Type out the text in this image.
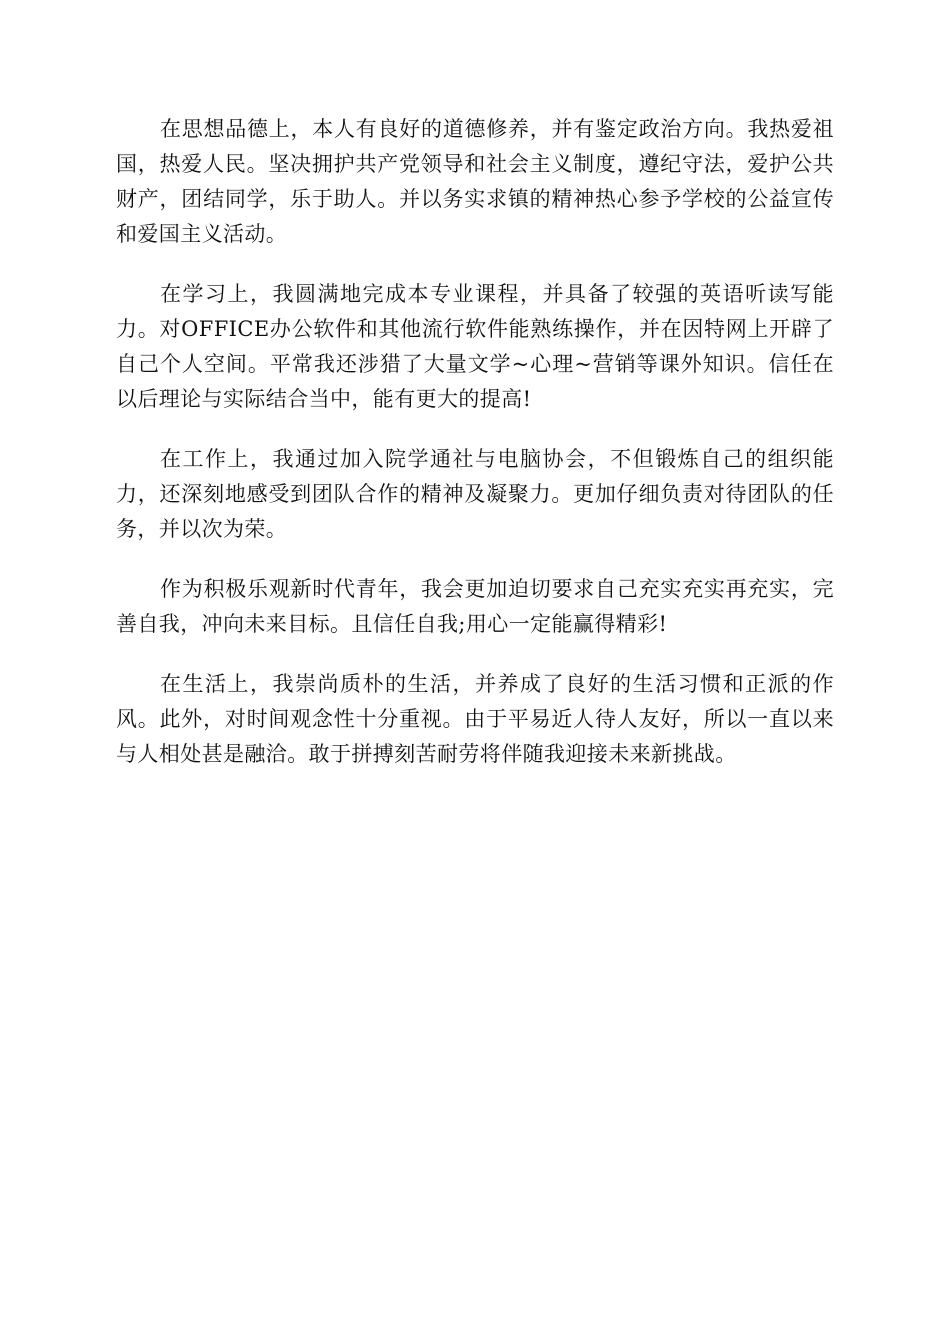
在思想品德上，本人有良好的道德修养，并有鉴定政治方向。我热爱祖国，热爱人民。坚决拥护共产党领导和社会主义制度，遵纪守法，爱护公共财产，团结同学，乐于助人。并以务实求镇的精神热心参予学校的公益宣传和爱国主义活动。

在学习上，我圆满地完成本专业课程，并具备了较强的英语听读写能力。对OFFICE办公软件和其他流行软件能熟练操作，并在因特网上开辟了自己个人空间。平常我还涉猎了大量文学~心理~营销等课外知识。信任在以后理论与实际结合当中，能有更大的提高!

在工作上，我通过加入院学通社与电脑协会，不但锻炼自己的组织能力，还深刻地感受到团队合作的精神及凝聚力。更加仔细负责对待团队的任务，并以次为荣。

作为积极乐观新时代青年，我会更加迫切要求自己充实充实再充实，完善自我，冲向未来目标。且信任自我;用心一定能赢得精彩!

在生活上，我崇尚质朴的生活，并养成了良好的生活习惯和正派的作风。此外，对时间观念性十分重视。由于平易近人待人友好，所以一直以来与人相处甚是融洽。敢于拼搏刻苦耐劳将伴随我迎接未来新挑战。
